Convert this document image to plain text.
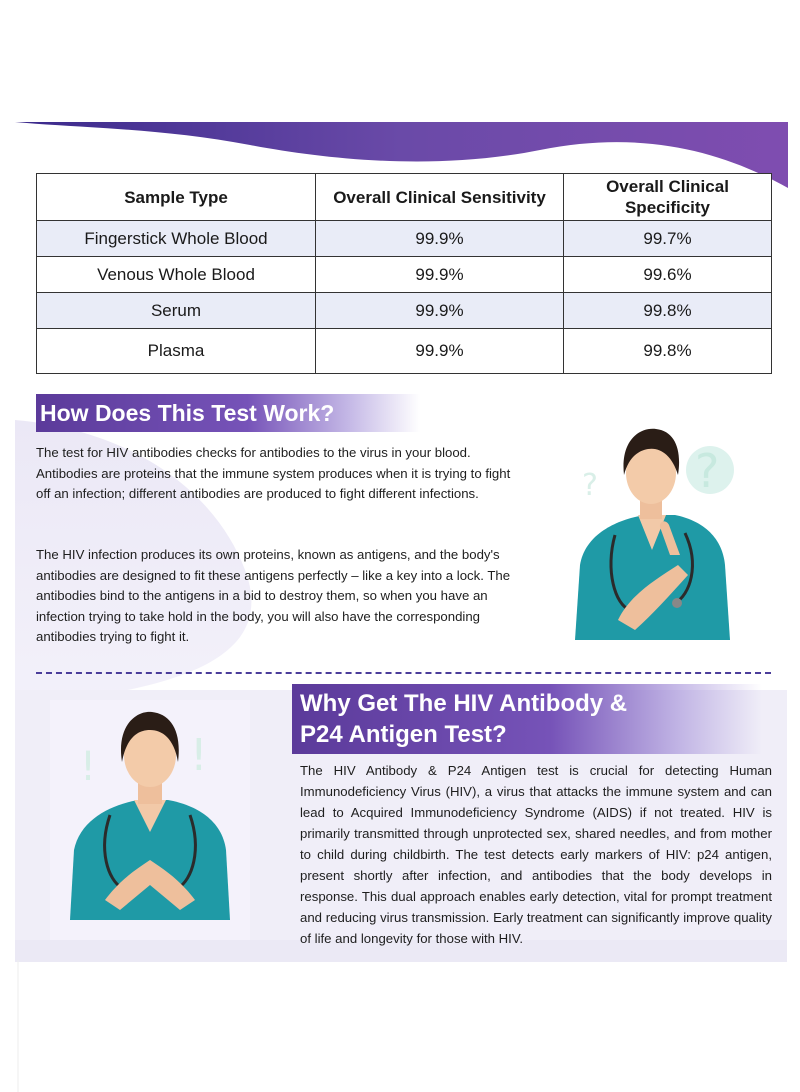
Sample Type	Overall Clinical Sensitivity	Overall Clinical Specificity
Fingerstick Whole Blood	99.9%	99.7%
Venous Whole Blood	99.9%	99.6%
Serum	99.9%	99.8%
Plasma	99.9%	99.8%
How Does This Test Work?

The test for HIV antibodies checks for antibodies to the virus in your blood. Antibodies are proteins that the immune system produces when it is trying to fight off an infection; different antibodies are produced to fight different infections.

The HIV infection produces its own proteins, known as antigens, and the body's antibodies are designed to fit these antigens perfectly – like a key into a lock. The antibodies bind to the antigens in a bid to destroy them, so when you have an infection trying to take hold in the body, you will also have the corresponding antibodies trying to fight it.

?
?
Why Get The HIV Antibody &
P24 Antigen Test?

The HIV Antibody & P24 Antigen test is crucial for detecting Human Immunodeficiency Virus (HIV), a virus that attacks the immune system and can lead to Acquired Immunodeficiency Syndrome (AIDS) if not treated. HIV is primarily transmitted through unprotected sex, shared needles, and from mother to child during childbirth. The test detects early markers of HIV: p24 antigen, present shortly after infection, and antibodies that the body develops in response. This dual approach enables early detection, vital for prompt treatment and reducing virus transmission. Early treatment can significantly improve quality of life and longevity for those with HIV.

! !
